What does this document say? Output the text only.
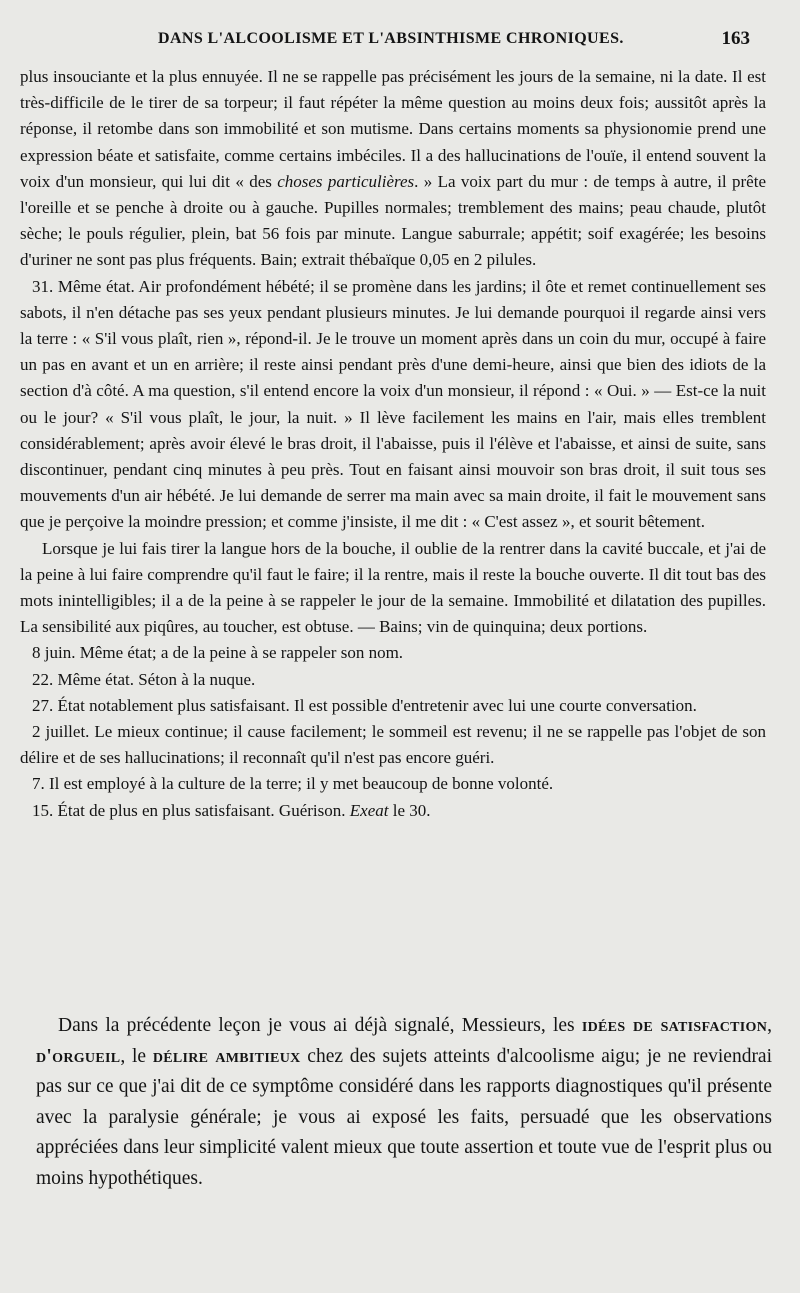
DANS L'ALCOOLISME ET L'ABSINTHISME CHRONIQUES.	163

plus insouciante et la plus ennuyée. Il ne se rappelle pas précisément les jours de la semaine, ni la date. Il est très-difficile de le tirer de sa torpeur; il faut répéter la même question au moins deux fois; aussitôt après la réponse, il retombe dans son immobilité et son mutisme. Dans certains moments sa physionomie prend une expression béate et satisfaite, comme certains imbéciles. Il a des hallucinations de l'ouïe, il entend souvent la voix d'un monsieur, qui lui dit « des choses particulières. » La voix part du mur : de temps à autre, il prête l'oreille et se penche à droite ou à gauche. Pupilles normales; tremblement des mains; peau chaude, plutôt sèche; le pouls régulier, plein, bat 56 fois par minute. Langue saburrale; appétit; soif exagérée; les besoins d'uriner ne sont pas plus fréquents. Bain; extrait thébaïque 0,05 en 2 pilules.

31. Même état. Air profondément hébété; il se promène dans les jardins; il ôte et remet continuellement ses sabots, il n'en détache pas ses yeux pendant plusieurs minutes. Je lui demande pourquoi il regarde ainsi vers la terre : « S'il vous plaît, rien », répond-il. Je le trouve un moment après dans un coin du mur, occupé à faire un pas en avant et un en arrière; il reste ainsi pendant près d'une demi-heure, ainsi que bien des idiots de la section d'à côté. A ma question, s'il entend encore la voix d'un monsieur, il répond : « Oui. » — Est-ce la nuit ou le jour? « S'il vous plaît, le jour, la nuit. » Il lève facilement les mains en l'air, mais elles tremblent considérablement; après avoir élevé le bras droit, il l'abaisse, puis il l'élève et l'abaisse, et ainsi de suite, sans discontinuer, pendant cinq minutes à peu près. Tout en faisant ainsi mouvoir son bras droit, il suit tous ses mouvements d'un air hébété. Je lui demande de serrer ma main avec sa main droite, il fait le mouvement sans que je perçoive la moindre pression; et comme j'insiste, il me dit : « C'est assez », et sourit bêtement.

Lorsque je lui fais tirer la langue hors de la bouche, il oublie de la rentrer dans la cavité buccale, et j'ai de la peine à lui faire comprendre qu'il faut le faire; il la rentre, mais il reste la bouche ouverte. Il dit tout bas des mots inintelligibles; il a de la peine à se rappeler le jour de la semaine. Immobilité et dilatation des pupilles. La sensibilité aux piqûres, au toucher, est obtuse. — Bains; vin de quinquina; deux portions.

8 juin. Même état; a de la peine à se rappeler son nom.

22. Même état. Séton à la nuque.

27. État notablement plus satisfaisant. Il est possible d'entretenir avec lui une courte conversation.

2 juillet. Le mieux continue; il cause facilement; le sommeil est revenu; il ne se rappelle pas l'objet de son délire et de ses hallucinations; il reconnaît qu'il n'est pas encore guéri.

7. Il est employé à la culture de la terre; il y met beaucoup de bonne volonté.

15. État de plus en plus satisfaisant. Guérison. Exeat le 30.

Dans la précédente leçon je vous ai déjà signalé, Messieurs, les idées de satisfaction, d'orgueil, le délire ambitieux chez des sujets atteints d'alcoolisme aigu; je ne reviendrai pas sur ce que j'ai dit de ce symptôme considéré dans les rapports diagnostiques qu'il présente avec la paralysie générale; je vous ai exposé les faits, persuadé que les observations appréciées dans leur simplicité valent mieux que toute assertion et toute vue de l'esprit plus ou moins hypothétiques.
